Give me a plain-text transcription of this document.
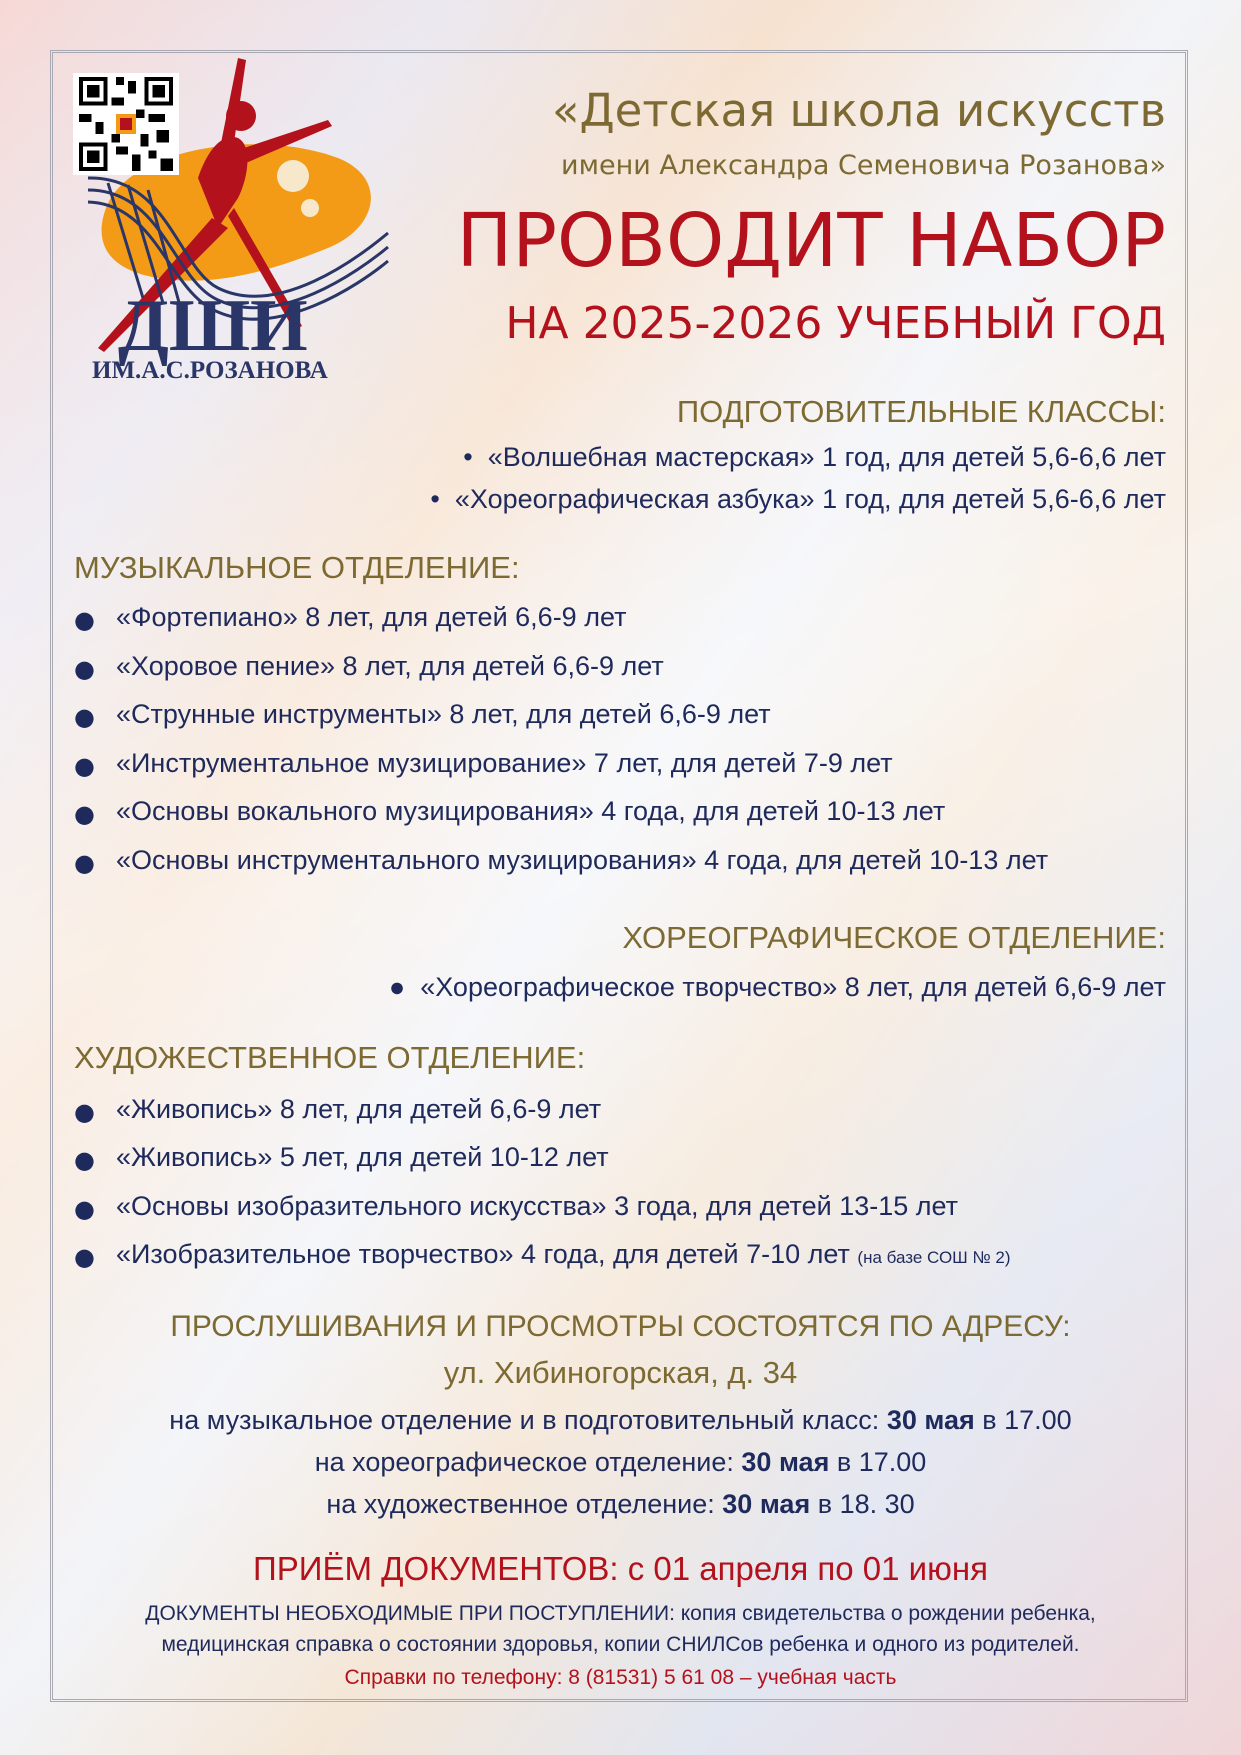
ДШИ
ИМ.А.С.РОЗАНОВА
«Детская школа искусств
имени Александра Семеновича Розанова»
ПРОВОДИТ НАБОР
НА 2025-2026 УЧЕБНЫЙ ГОД
ПОДГОТОВИТЕЛЬНЫЕ КЛАССЫ:
•  «Волшебная мастерская» 1 год, для детей 5,6-6,6 лет
•  «Хореографическая азбука» 1 год, для детей 5,6-6,6 лет
МУЗЫКАЛЬНОЕ ОТДЕЛЕНИЕ:
● «Фортепиано» 8 лет, для детей 6,6-9 лет
● «Хоровое пение» 8 лет, для детей 6,6-9 лет
● «Струнные инструменты» 8 лет, для детей 6,6-9 лет
● «Инструментальное музицирование» 7 лет, для детей 7-9 лет
● «Основы вокального музицирования» 4 года, для детей 10-13 лет
● «Основы инструментального музицирования» 4 года, для детей 10-13 лет
ХОРЕОГРАФИЧЕСКОЕ ОТДЕЛЕНИЕ:
●  «Хореографическое творчество» 8 лет, для детей 6,6-9 лет
ХУДОЖЕСТВЕННОЕ ОТДЕЛЕНИЕ:
● «Живопись» 8 лет, для детей 6,6-9 лет
● «Живопись» 5 лет, для детей 10-12 лет
● «Основы изобразительного искусства» 3 года, для детей 13-15 лет
● «Изобразительное творчество» 4 года, для детей 7-10 лет (на базе СОШ № 2)
ПРОСЛУШИВАНИЯ И ПРОСМОТРЫ СОСТОЯТСЯ ПО АДРЕСУ:
ул. Хибиногорская, д. 34
на музыкальное отделение и в подготовительный класс: 30 мая в 17.00
на хореографическое отделение: 30 мая в 17.00
на художественное отделение: 30 мая в 18. 30
ПРИЁМ ДОКУМЕНТОВ: с 01 апреля по 01 июня
ДОКУМЕНТЫ НЕОБХОДИМЫЕ ПРИ ПОСТУПЛЕНИИ: копия свидетельства о рождении ребенка,
медицинская справка о состоянии здоровья, копии СНИЛСов ребенка и одного из родителей.
Справки по телефону: 8 (81531) 5 61 08 – учебная часть
